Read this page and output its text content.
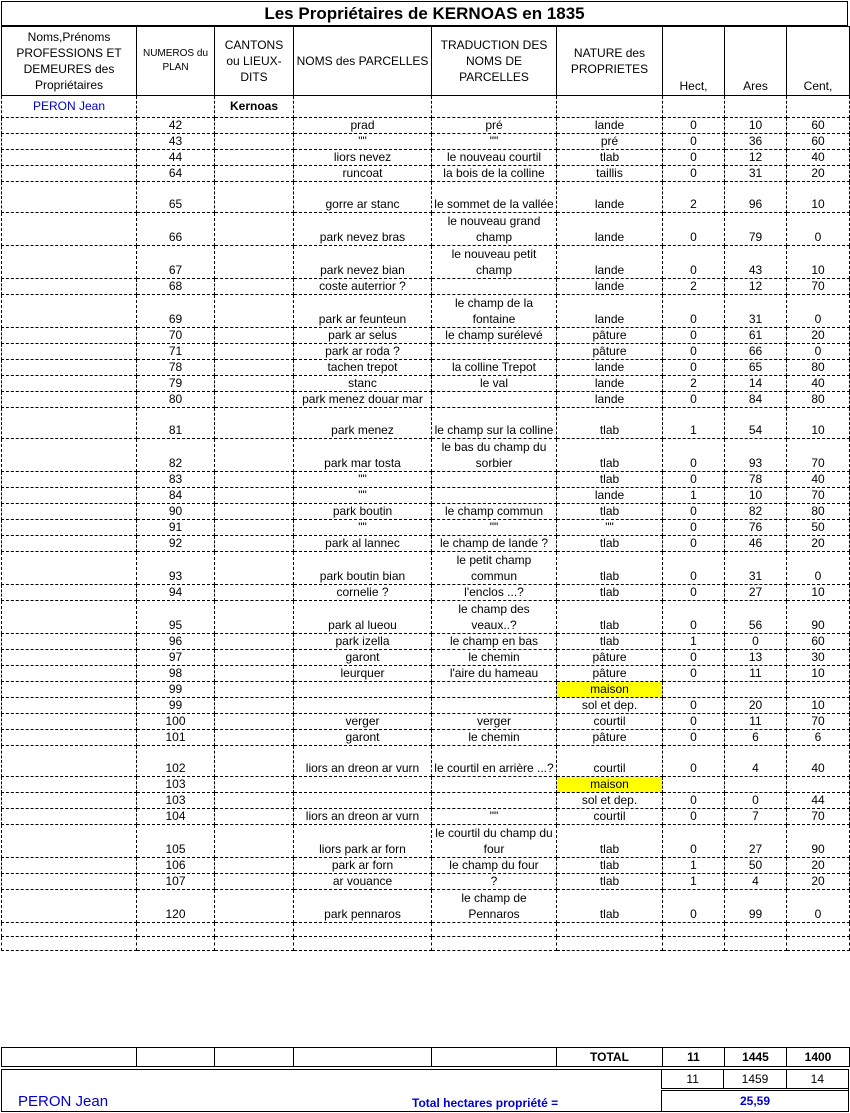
Les Propriétaires de KERNOAS en 1835
Noms,Prénoms PROFESSIONS ET DEMEURES des Propriétaires	NUMEROS du PLAN	CANTONS ou LIEUX-DITS	NOMS des PARCELLES	TRADUCTION DES NOMS DE PARCELLES	NATURE des PROPRIETES	Hect,	Ares	Cent,
PERON Jean		Kernoas						
	42		prad	pré	lande	0	10	60
	43		""	""	pré	0	36	60
	44		liors nevez	le nouveau courtil	tlab	0	12	40
	64		runcoat	la bois de la colline	taillis	0	31	20
	65		gorre ar stanc	le sommet de la vallée	lande	2	96	10
	66		park nevez bras	le nouveau grand champ	lande	0	79	0
	67		park nevez bian	le nouveau petit champ	lande	0	43	10
	68		coste auterrior ?		lande	2	12	70
	69		park ar feunteun	le champ de la fontaine	lande	0	31	0
	70		park ar selus	le champ surélevé	pâture	0	61	20
	71		park ar roda ?		pâture	0	66	0
	78		tachen trepot	la colline Trepot	lande	0	65	80
	79		stanc	le val	lande	2	14	40
	80		park menez douar mar		lande	0	84	80
	81		park menez	le champ sur la colline	tlab	1	54	10
	82		park mar tosta	le bas du champ du sorbier	tlab	0	93	70
	83		""		tlab	0	78	40
	84		""		lande	1	10	70
	90		park boutin	le champ commun	tlab	0	82	80
	91		""	""	""	0	76	50
	92		park al lannec	le champ de lande ?	tlab	0	46	20
	93		park boutin bian	le petit champ commun	tlab	0	31	0
	94		cornelie ?	l'enclos ...?	tlab	0	27	10
	95		park al lueou	le champ des veaux..?	tlab	0	56	90
	96		park izella	le champ en bas	tlab	1	0	60
	97		garont	le chemin	pâture	0	13	30
	98		leurquer	l'aire du hameau	pâture	0	11	10
	99				maison			
	99				sol et dep.	0	20	10
	100		verger	verger	courtil	0	11	70
	101		garont	le chemin	pâture	0	6	6
	102		liors an dreon ar vurn	le courtil en arrière ...?	courtil	0	4	40
	103				maison			
	103				sol et dep.	0	0	44
	104		liors an dreon ar vurn	""	courtil	0	7	70
	105		liors park ar forn	le courtil du champ du four	tlab	0	27	90
	106		park ar forn	le champ du four	tlab	1	50	20
	107		ar vouance	?	tlab	1	4	20
	120		park pennaros	le champ de Pennaros	tlab	0	99	0

					TOTAL	11	1445	1400
11	1459	14
PERON Jean	Total hectares propriété =	25,59
